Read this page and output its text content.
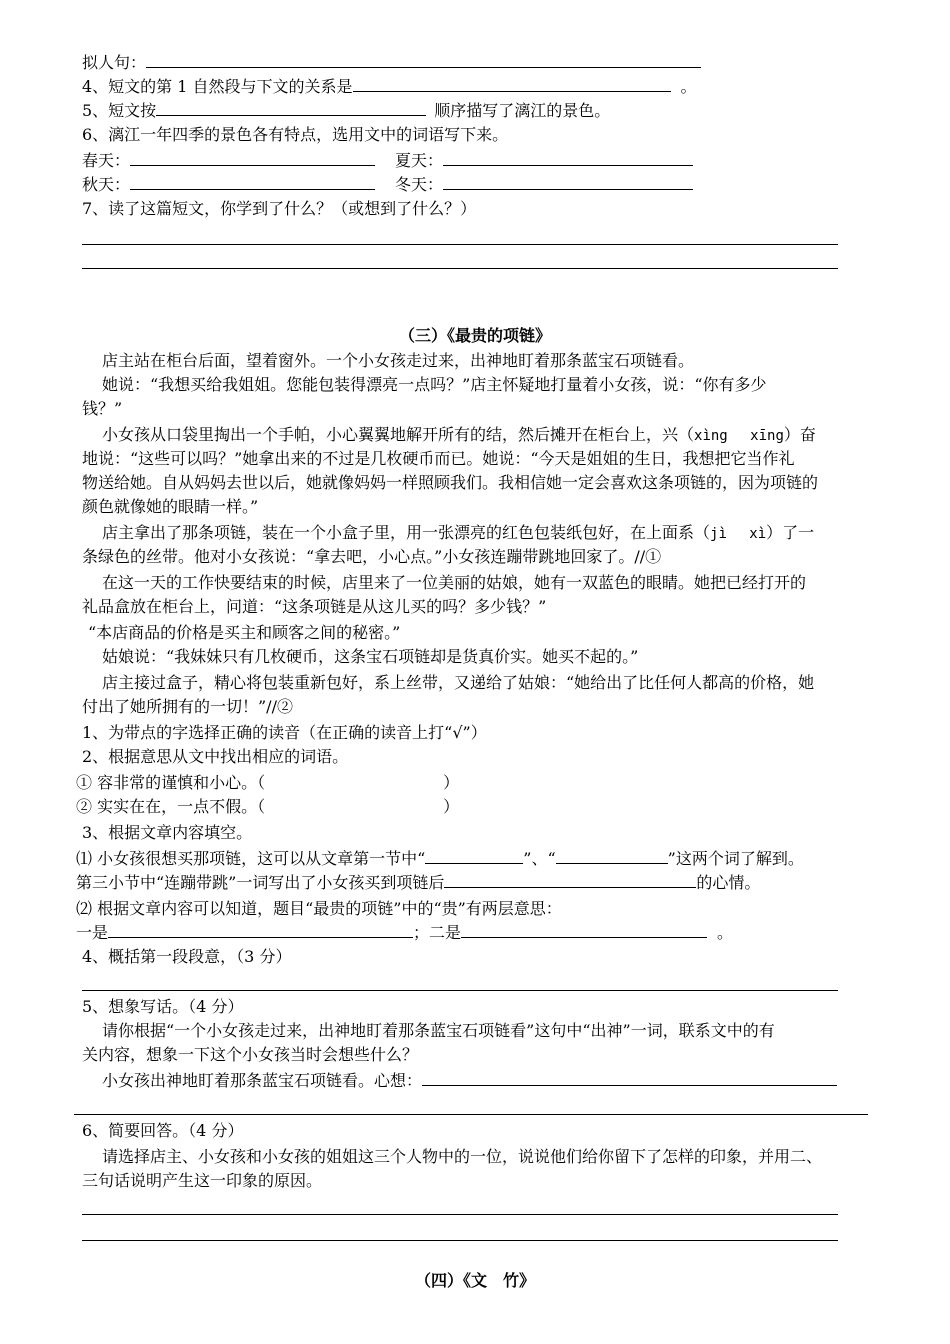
拟人句：
4、短文的第 1 自然段与下文的关系是	。
5、短文按	顺序描写了漓江的景色。
6、漓江一年四季的景色各有特点，选用文中的词语写下来。
春天：	夏天：
秋天：	冬天：
7、读了这篇短文，你学到了什么？（或想到了什么？）
（三）《最贵的项链》
店主站在柜台后面，望着窗外。一个小女孩走过来，出神地盯着那条蓝宝石项链看。
她说：“我想买给我姐姐。您能包装得漂亮一点吗？”店主怀疑地打量着小女孩，说：“你有多少
钱？”
小女孩从口袋里掏出一个手帕，小心翼翼地解开所有的结，然后摊开在柜台上，兴（xìng　 xīng）奋
地说：“这些可以吗？”她拿出来的不过是几枚硬币而已。她说：“今天是姐姐的生日，我想把它当作礼
物送给她。自从妈妈去世以后，她就像妈妈一样照顾我们。我相信她一定会喜欢这条项链的，因为项链的
颜色就像她的眼睛一样。”
店主拿出了那条项链，装在一个小盒子里，用一张漂亮的红色包装纸包好，在上面系（jì　 xì）了一
条绿色的丝带。他对小女孩说：“拿去吧，小心点。”小女孩连蹦带跳地回家了。//①
在这一天的工作快要结束的时候，店里来了一位美丽的姑娘，她有一双蓝色的眼睛。她把已经打开的
礼品盒放在柜台上，问道：“这条项链是从这儿买的吗？多少钱？”
“本店商品的价格是买主和顾客之间的秘密。”
姑娘说：“我妹妹只有几枚硬币，这条宝石项链却是货真价实。她买不起的。”
店主接过盒子，精心将包装重新包好，系上丝带，又递给了姑娘：“她给出了比任何人都高的价格，她
付出了她所拥有的一切！”//②
1、为带点的字选择正确的读音（在正确的读音上打“√”）
2、根据意思从文中找出相应的词语。
① 容非常的谨慎和小心。（	）
② 实实在在，一点不假。（	）
3、根据文章内容填空。
⑴ 小女孩很想买那项链，这可以从文章第一节中“	”、“	”这两个词了解到。
第三小节中“连蹦带跳”一词写出了小女孩买到项链后	的心情。
⑵ 根据文章内容可以知道，题目“最贵的项链”中的“贵”有两层意思：
一是	；二是	。
4、概括第一段段意，（3 分）
5、想象写话。（4 分）
请你根据“一个小女孩走过来，出神地盯着那条蓝宝石项链看”这句中“出神”一词，联系文中的有
关内容，想象一下这个小女孩当时会想些什么？
小女孩出神地盯着那条蓝宝石项链看。心想：
6、简要回答。（4 分）
请选择店主、小女孩和小女孩的姐姐这三个人物中的一位，说说他们给你留下了怎样的印象，并用二、
三句话说明产生这一印象的原因。
（四）《文　竹》
